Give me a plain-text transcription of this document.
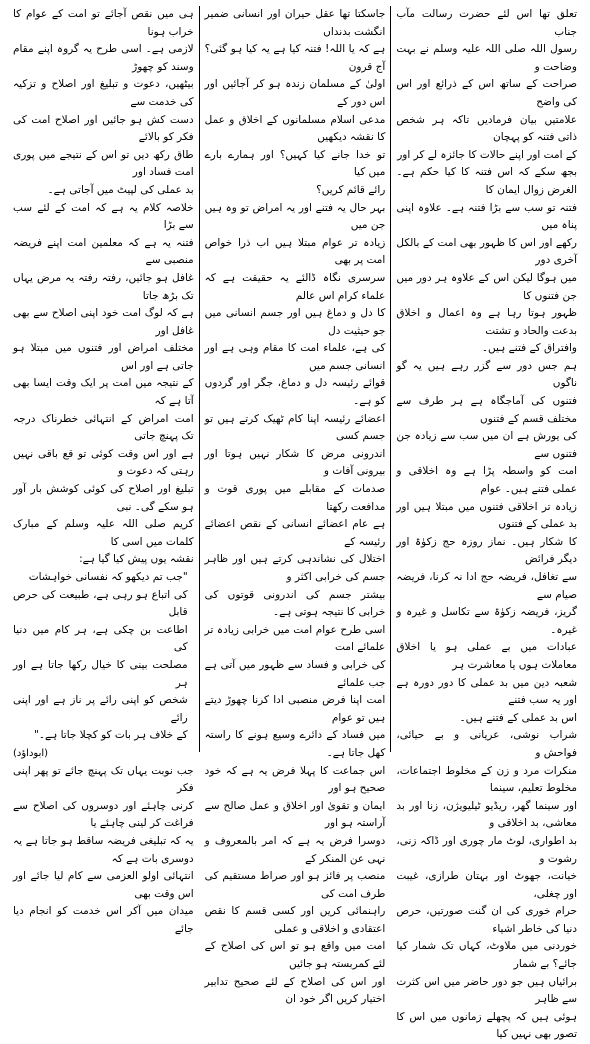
تعلق تھا اس لئے حضرت رسالت مآب جناب

رسول اللہ صلی اللہ علیہ وسلم نے بہت وضاحت و

صراحت کے ساتھ اس کے ذرائع اور اس کی واضح

علامتیں بیان فرمادیں تاکہ ہر شخص ذاتی فتنہ کو پہچان

کے امت اور اپنے حالات کا جائزہ لے کر اور

بجھ سکے کہ اس فتنہ کا کیا حکم ہے۔ الغرض زوال ایمان کا

فتنہ تو سب سے بڑا فتنہ ہے۔ علاوہ اپنی پناہ میں

رکھے اور اس کا ظہور بھی امت کے بالکل آخری دور

میں ہوگا لیکن اس کے علاوہ ہر دور میں جن فتنوں کا

ظہور ہوتا رہا ہے وہ اعمال و اخلاق بدعت والحاد و تشتت

وافتراق کے فتنے ہیں۔

ہم جس دور سے گزر رہے ہیں یہ گو ناگوں

فتنوں کی آماجگاہ ہے ہر طرف سے مختلف قسم کے فتنوں

کی یورش ہے ان میں سب سے زیادہ جن فتنوں سے

امت کو واسطہ پڑا ہے وہ اخلاقی و عملی فتنے ہیں۔ عوام

زیادہ تر اخلاقی فتنوں میں مبتلا ہیں اور بد عملی کے فتنوں

کا شکار ہیں۔ نماز روزہ حج زکوٰۃ اور دیگر فرائض

سے تغافل، فریضہ حج ادا نہ کرنا، فریضہ صیام سے

گریز، فریضہ زکوٰۃ سے تکاسل و غیرہ و غیرہ۔

عبادات میں بے عملی ہو یا اخلاق معاملات ہوں یا معاشرت ہر

شعبہ دین میں بد عملی کا دور دورہ ہے اور یہ سب فتنے

اس بد عملی کے فتنے ہیں۔

شراب نوشی، عریانی و بے حیائی، فواحش و

منکرات مرد و زن کے مخلوط اجتماعات، مخلوط تعلیم، سینما

اور سینما گھر، ریڈیو ٹیلیویژن، زنا اور بد معاشی، بد اخلاقی و

بد اطواری، لوٹ مار چوری اور ڈاکہ زنی، رشوت و

خیانت، جھوٹ اور بہتان طرازی، غیبت اور چغلی،

حرام خوری کی ان گنت صورتیں، حرص دنیا کی خاطر اشیاء

خوردنی میں ملاوٹ، کہاں تک شمار کیا جائے؟ بے شمار

برائیاں ہیں جو دور حاضر میں اس کثرت سے ظاہر

ہوئی ہیں کہ پچھلے زمانوں میں اس کا تصور بھی نہیں کیا

جاسکتا تھا عقل حیران اور انسانی ضمیر انگشت بدنداں

ہے کہ یا اللہ! فتنہ کیا ہے یہ کیا ہو گئی؟ آج قرون

اولیٰ کے مسلمان زندہ ہو کر آجائیں اور اس دور کے

مدعی اسلام مسلمانوں کے اخلاق و عمل کا نقشہ دیکھیں

تو خدا جانے کیا کہیں؟ اور ہمارے بارے میں کیا

رائے قائم کریں؟

بہر حال یہ فتنے اور یہ امراض تو وہ ہیں جن میں

زیادہ تر عوام مبتلا ہیں اب ذرا خواص امت پر بھی

سرسری نگاہ ڈالئے یہ حقیقت ہے کہ علماء کرام اس عالم

کا دل و دماغ ہیں اور جسم انسانی میں جو حیثیت دل

کی ہے، علماء امت کا مقام وہی ہے اور انسانی جسم میں

قوائے رئیسہ دل و دماغ، جگر اور گردوں کو ہے۔

اعضائے رئیسہ اپنا کام ٹھیک کرتے ہیں تو جسم کسی

اندرونی مرض کا شکار نہیں ہوتا اور بیرونی آفات و

صدمات کے مقابلے میں پوری قوت و مدافعت رکھتا

ہے عام اعضائے انسانی کے نقص اعضائے رئیسہ کے

اختلال کی نشاندہی کرتے ہیں اور ظاہر جسم کی خرابی اکثر و

بیشتر جسم کی اندرونی قوتوں کی خرابی کا نتیجہ ہوتی ہے۔

اسی طرح عوام امت میں خرابی زیادہ تر علمائے امت

کی خرابی و فساد سے ظہور میں آتی ہے جب علمائے

امت اپنا فرض منصبی ادا کرنا چھوڑ دیتے ہیں تو عوام

میں فساد کے دائرے وسیع ہونے کا راستہ کھل جاتا ہے۔

اس جماعت کا پہلا فرض یہ ہے کہ خود صحیح ہو اور

ایمان و تقویٰ اور اخلاق و عمل صالح سے آراستہ ہو اور

دوسرا فرض یہ ہے کہ امر بالمعروف و نہی عن المنکر کے

منصب پر فائز ہو اور صراط مستقیم کی طرف امت کی

راہنمائی کریں اور کسی قسم کا نقص اعتقادی و اخلاقی و عملی

امت میں واقع ہو تو اس کی اصلاح کے لئے کمربستہ ہو جائیں

اور اس کی اصلاح کے لئے صحیح تدابیر اختیار کریں اگر خود ان

ہی میں نقص آجائے تو امت کے عوام کا خراب ہونا

لازمی ہے۔ اسی طرح یہ گروہ اپنے مقام وسند کو چھوڑ

بیٹھیں، دعوت و تبلیغ اور اصلاح و تزکیہ کی خدمت سے

دست کش ہو جائیں اور اصلاح امت کی فکر کو بالائے

طاق رکھ دیں تو اس کے نتیجے میں پوری امت فساد اور

بد عملی کی لپیٹ میں آجاتی ہے۔

خلاصہ کلام یہ ہے کہ امت کے لئے سب سے بڑا

فتنہ یہ ہے کہ معلمین امت اپنے فریضہ منصبی سے

غافل ہو جائیں، رفتہ رفتہ یہ مرض یہاں تک بڑھ جاتا

ہے کہ لوگ امت خود اپنی اصلاح سے بھی غافل اور

مختلف امراض اور فتنوں میں مبتلا ہو جاتی ہے اور اس

کے نتیجہ میں امت پر ایک وقت ایسا بھی آتا ہے کہ

امت امراض کے انتہائی خطرناک درجہ تک پہنچ جاتی

ہے اور اس وقت کوئی تو قع باقی نہیں رہتی کہ دعوت و

تبلیغ اور اصلاح کی کوئی کوشش بار آور ہو سکے گی۔ نبی

کریم صلی اللہ علیہ وسلم کے مبارک کلمات میں اسی کا

نقشہ یوں پیش کیا گیا ہے:

"جب تم دیکھو کہ نفسانی خواہشات

کی اتباع ہو رہی ہے، طبیعت کی حرص قابل

اطاعت بن چکی ہے، ہر کام میں دنیا کی

مصلحت بینی کا خیال رکھا جاتا ہے اور ہر

شخص کو اپنی رائے پر ناز ہے اور اپنی رائے

کے خلاف ہر بات کو کچلا جاتا ہے۔"

(ابوداؤد)

جب نوبت یہاں تک پہنچ جائے تو پھر اپنی فکر

کرنی چاہئے اور دوسروں کی اصلاح سے فراغت کر لینی چاہئے یا

یہ کہ تبلیغی فریضہ ساقط ہو جاتا ہے یہ دوسری بات ہے کہ

انتہائی اولو العزمی سے کام لیا جائے اور اس وقت بھی

میدان میں آکر اس خدمت کو انجام دیا جائے
